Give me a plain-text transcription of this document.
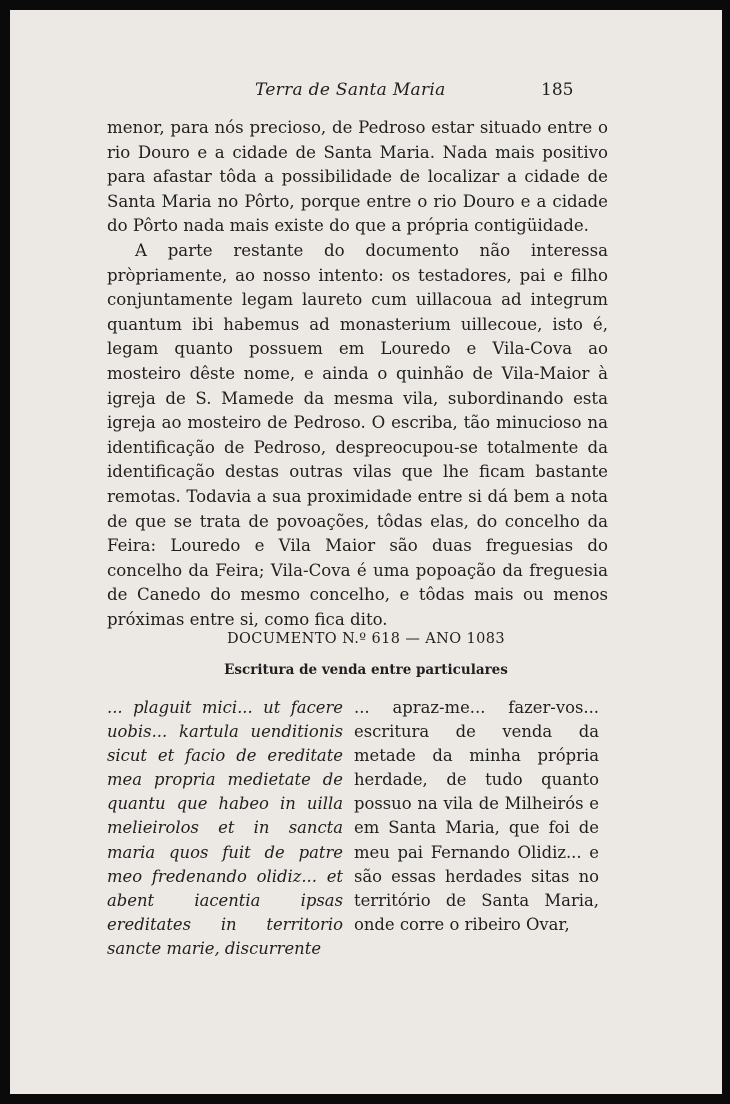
Terra de Santa Maria	185

menor, para nós precioso, de Pedroso estar situado entre o rio Douro e a cidade de Santa Maria. Nada mais positivo para afastar tôda a possibilidade de localizar a cidade de Santa Maria no Pôrto, porque entre o rio Douro e a cidade do Pôrto nada mais existe do que a própria contigüidade.

A parte restante do documento não interessa pròpriamente, ao nosso intento: os testadores, pai e filho conjuntamente legam laureto cum uillacoua ad integrum quantum ibi habemus ad monasterium uillecoue, isto é, legam quanto possuem em Louredo e Vila-Cova ao mosteiro dêste nome, e ainda o quinhão de Vila-Maior à igreja de S. Mamede da mesma vila, subordinando esta igreja ao mosteiro de Pedroso. O escriba, tão minucioso na identificação de Pedroso, despreocupou-se totalmente da identificação destas outras vilas que lhe ficam bastante remotas. Todavia a sua proximidade entre si dá bem a nota de que se trata de povoações, tôdas elas, do concelho da Feira: Louredo e Vila Maior são duas freguesias do concelho da Feira; Vila-Cova é uma popoação da freguesia de Canedo do mesmo concelho, e tôdas mais ou menos próximas entre si, como fica dito.

DOCUMENTO N.º 618 — ANO 1083
Escritura de venda entre particulares

... plaguit mici... ut facere uobis... kartula uenditionis sicut et facio de ereditate mea propria medietate de quantu que habeo in uilla melieirolos et in sancta maria quos fuit de patre meo fredenando olidiz... et abent iacentia ipsas ereditates in territorio sancte marie, discurrente

... apraz-me... fazer-vos... escritura de venda da metade da minha própria herdade, de tudo quanto possuo na vila de Milheirós e em Santa Maria, que foi de meu pai Fernando Olidiz... e são essas herdades sitas no território de Santa Maria, onde corre o ribeiro Ovar,
